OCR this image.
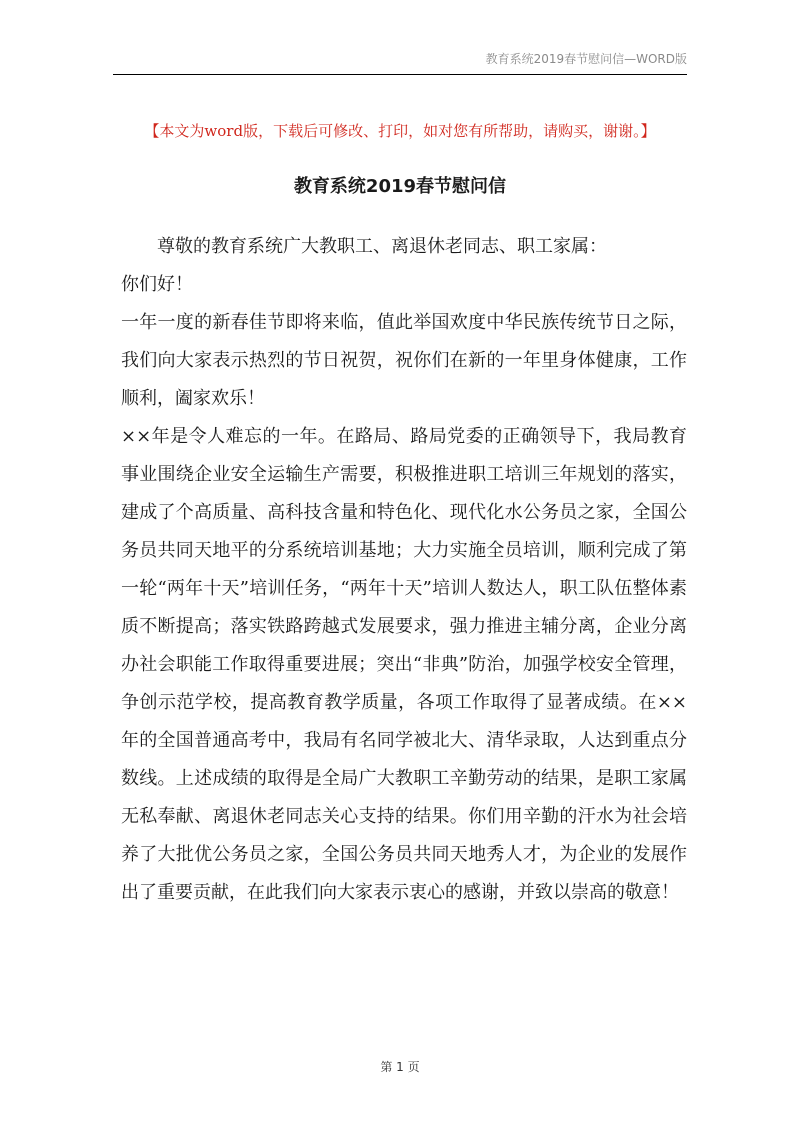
教育系统2019春节慰问信—WORD版
【本文为word版，下载后可修改、打印，如对您有所帮助，请购买，谢谢。】
教育系统2019春节慰问信

尊敬的教育系统广大教职工、离退休老同志、职工家属：

你们好！

一年一度的新春佳节即将来临，值此举国欢度中华民族传统节日之际，我们向大家表示热烈的节日祝贺，祝你们在新的一年里身体健康，工作顺利，阖家欢乐！

××年是令人难忘的一年。在路局、路局党委的正确领导下，我局教育事业围绕企业安全运输生产需要，积极推进职工培训三年规划的落实，建成了个高质量、高科技含量和特色化、现代化水公务员之家，全国公务员共同天地平的分系统培训基地；大力实施全员培训，顺利完成了第一轮“两年十天”培训任务，“两年十天”培训人数达人，职工队伍整体素质不断提高；落实铁路跨越式发展要求，强力推进主辅分离，企业分离办社会职能工作取得重要进展；突出“非典”防治，加强学校安全管理，争创示范学校，提高教育教学质量，各项工作取得了显著成绩。在××年的全国普通高考中，我局有名同学被北大、清华录取，人达到重点分数线。上述成绩的取得是全局广大教职工辛勤劳动的结果，是职工家属无私奉献、离退休老同志关心支持的结果。你们用辛勤的汗水为社会培养了大批优公务员之家，全国公务员共同天地秀人才，为企业的发展作出了重要贡献，在此我们向大家表示衷心的感谢，并致以崇高的敬意！

第 1 页
